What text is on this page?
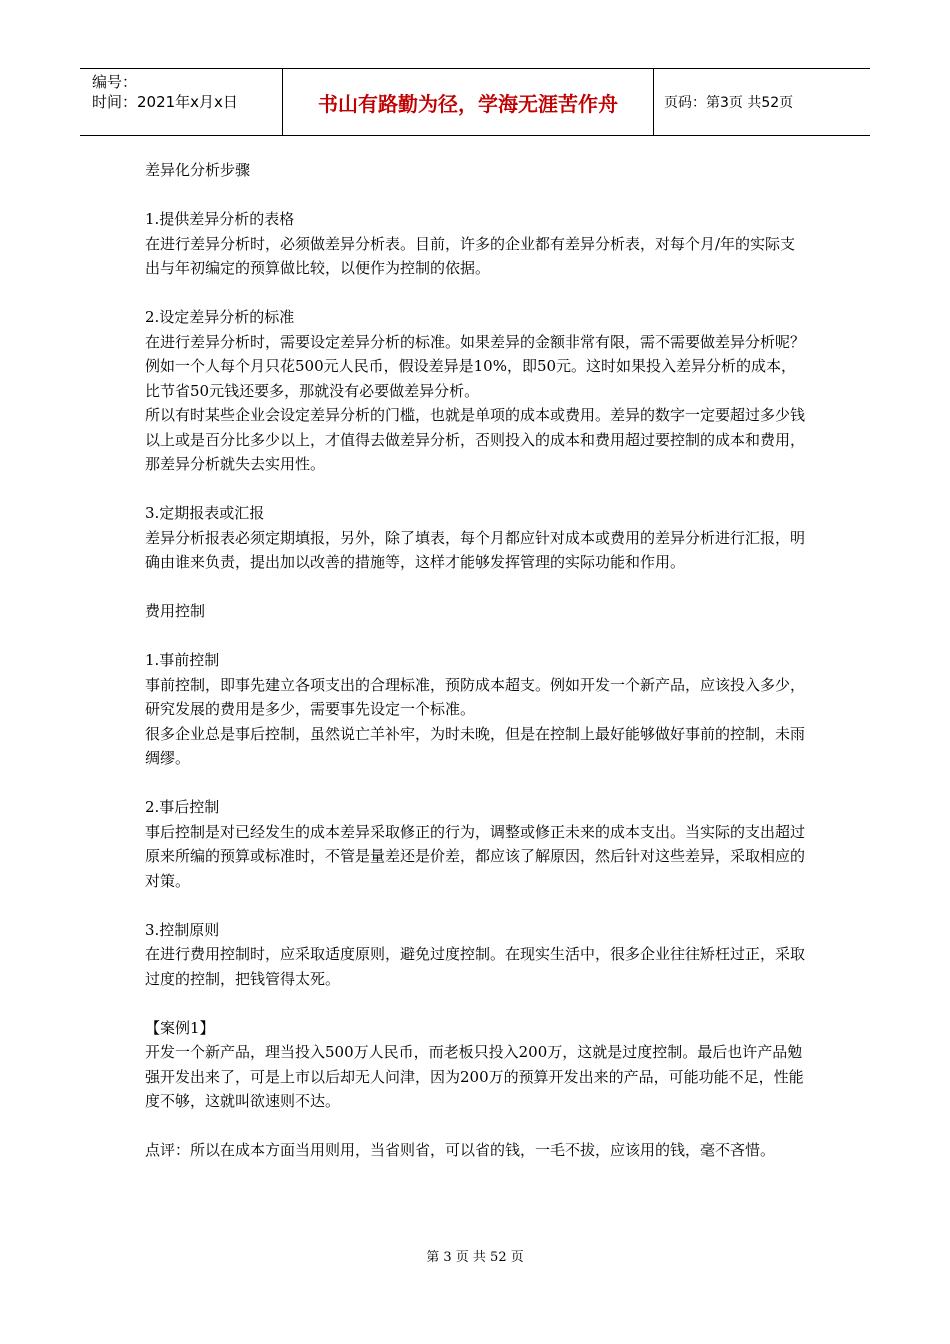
编号：
时间：2021年x月x日	书山有路勤为径，学海无涯苦作舟	页码：第3页 共52页

差异化分析步骤

1.提供差异分析的表格

在进行差异分析时，必须做差异分析表。目前，许多的企业都有差异分析表，对每个月/年的实际支出与年初编定的预算做比较，以便作为控制的依据。

2.设定差异分析的标准

在进行差异分析时，需要设定差异分析的标准。如果差异的金额非常有限，需不需要做差异分析呢？例如一个人每个月只花500元人民币，假设差异是10%，即50元。这时如果投入差异分析的成本，比节省50元钱还要多，那就没有必要做差异分析。

所以有时某些企业会设定差异分析的门槛，也就是单项的成本或费用。差异的数字一定要超过多少钱以上或是百分比多少以上，才值得去做差异分析，否则投入的成本和费用超过要控制的成本和费用，那差异分析就失去实用性。

3.定期报表或汇报

差异分析报表必须定期填报，另外，除了填表，每个月都应针对成本或费用的差异分析进行汇报，明确由谁来负责，提出加以改善的措施等，这样才能够发挥管理的实际功能和作用。

费用控制

1.事前控制

事前控制，即事先建立各项支出的合理标准，预防成本超支。例如开发一个新产品，应该投入多少，研究发展的费用是多少，需要事先设定一个标准。

很多企业总是事后控制，虽然说亡羊补牢，为时未晚，但是在控制上最好能够做好事前的控制，未雨绸缪。

2.事后控制

事后控制是对已经发生的成本差异采取修正的行为，调整或修正未来的成本支出。当实际的支出超过原来所编的预算或标准时，不管是量差还是价差，都应该了解原因，然后针对这些差异，采取相应的对策。

3.控制原则

在进行费用控制时，应采取适度原则，避免过度控制。在现实生活中，很多企业往往矫枉过正，采取过度的控制，把钱管得太死。

【案例1】

开发一个新产品，理当投入500万人民币，而老板只投入200万，这就是过度控制。最后也许产品勉强开发出来了，可是上市以后却无人问津，因为200万的预算开发出来的产品，可能功能不足，性能度不够，这就叫欲速则不达。

点评：所以在成本方面当用则用，当省则省，可以省的钱，一毛不拔，应该用的钱，毫不吝惜。

第 3 页 共 52 页
